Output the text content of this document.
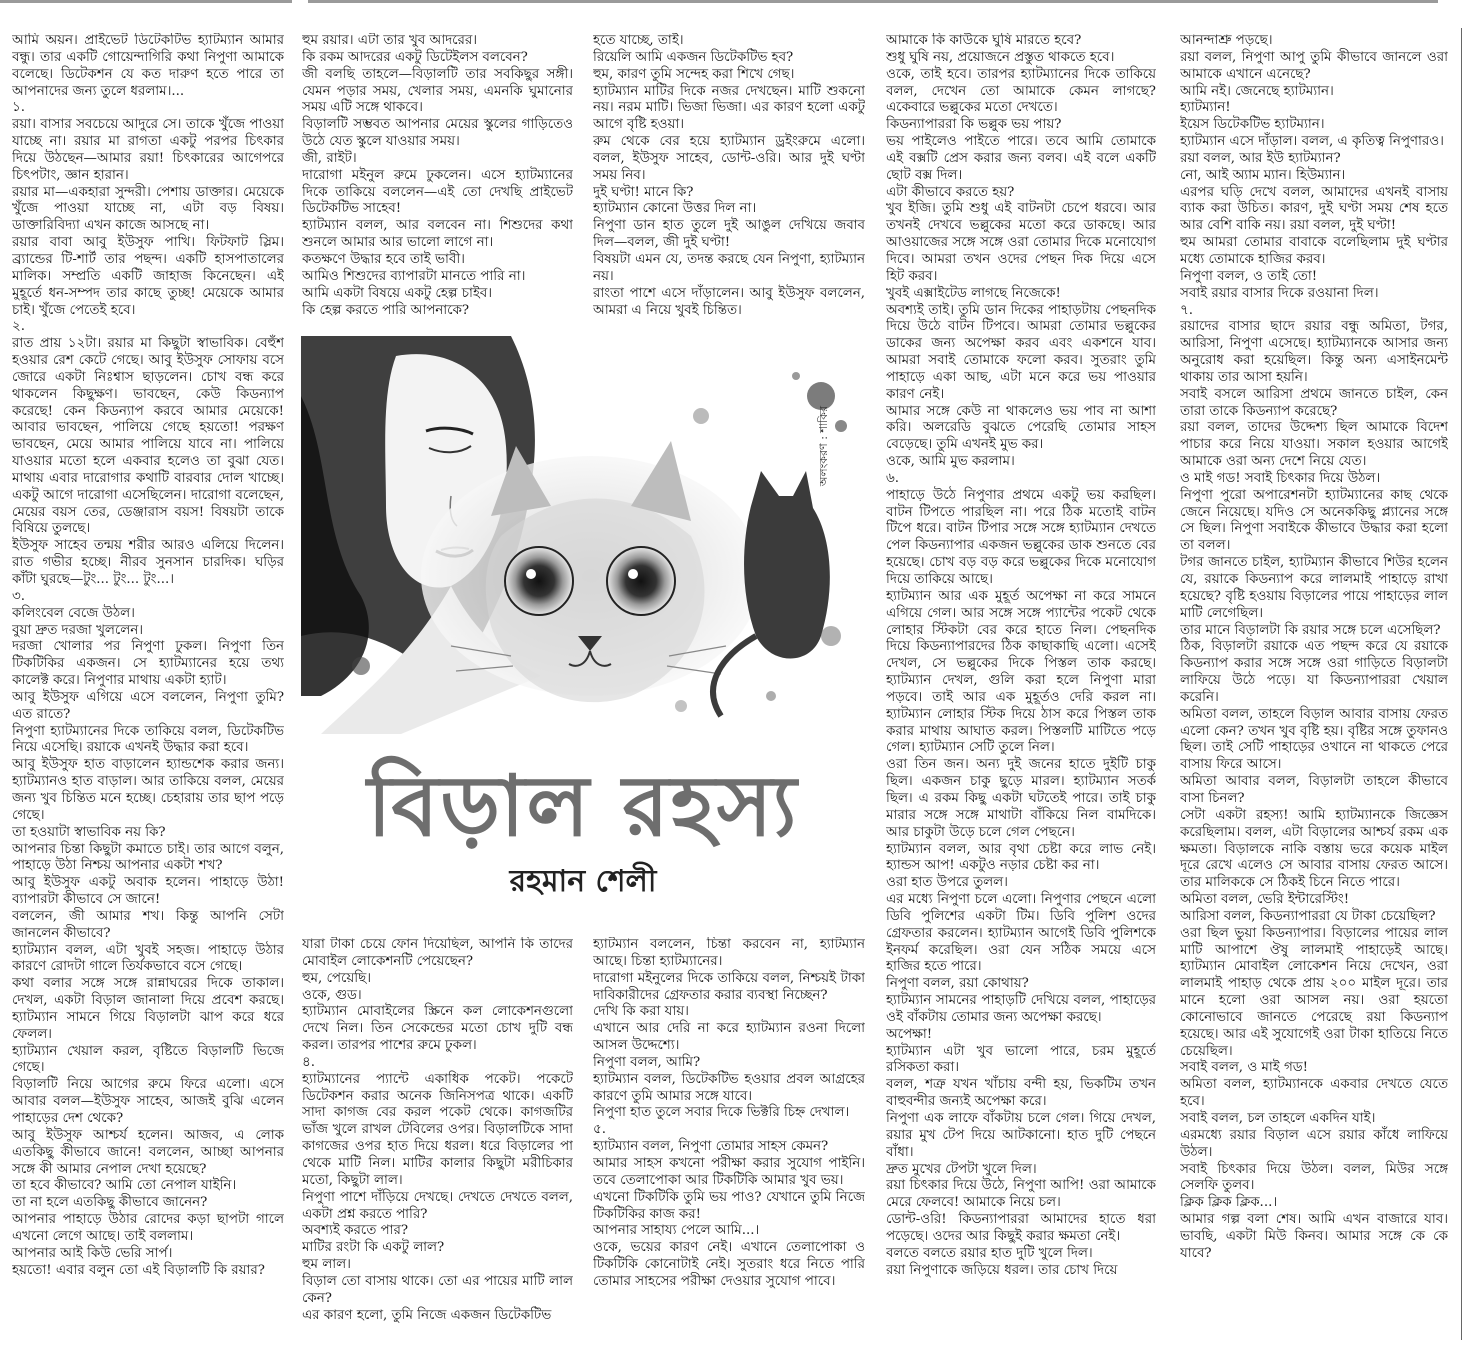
আমি অয়ন। প্রাইভেট ডিটেকটিভ হ্যাটম্যান আমার বন্ধু। তার একটি গোয়েন্দাগিরি কথা নিপুণা আমাকে বলেছে। ডিটেকশন যে কত দারুণ হতে পারে তা আপনাদের জন্য তুলে ধরলাম।...

১.

রয়া। বাসার সবচেয়ে আদুরে সে। তাকে খুঁজে পাওয়া যাচ্ছে না। রয়ার মা রাগতা একটু পরপর চিৎকার দিয়ে উঠছেন—আমার রয়া! চিৎকারের আগেপরে চিৎপটাং, জ্ঞান হারান।

রয়ার মা—একহারা সুন্দরী। পেশায় ডাক্তার। মেয়েকে খুঁজে পাওয়া যাচ্ছে না, এটা বড় বিষয়। ডাক্তারিবিদ্যা এখন কাজে আসছে না।

রয়ার বাবা আবু ইউসুফ পাখি। ফিটফাট স্লিম। ব্র্যান্ডের টি-শার্ট তার পছন্দ। একটি হাসপাতালের মালিক। সম্প্রতি একটি জাহাজ কিনেছেন। এই মুহূর্তে ধন-সম্পদ তার কাছে তুচ্ছ! মেয়েকে আমার চাই। খুঁজে পেতেই হবে।

২.

রাত প্রায় ১২টা। রয়ার মা কিছুটা স্বাভাবিক। বেহুঁশ হওয়ার রেশ কেটে গেছে। আবু ইউসুফ সোফায় বসে জোরে একটা নিঃশ্বাস ছাড়লেন। চোখ বন্ধ করে থাকলেন কিছুক্ষণ। ভাবছেন, কেউ কিডন্যাপ করেছে! কেন কিডন্যাপ করবে আমার মেয়েকে! আবার ভাবছেন, পালিয়ে গেছে হয়তো! পরক্ষণ ভাবছেন, মেয়ে আমার পালিয়ে যাবে না। পালিয়ে যাওয়ার মতো হলে একবার হলেও তা বুঝা যেত। মাথায় এবার দারোগার কথাটি বারবার দোল খাচ্ছে। একটু আগে দারোগা এসেছিলেন। দারোগা বলেছেন, মেয়ের বয়স তের, ডেঞ্জারাস বয়স! বিষয়টা তাকে বিষিয়ে তুলছে।

ইউসুফ সাহেব তন্ময় শরীর আরও এলিয়ে দিলেন। রাত গভীর হচ্ছে। নীরব সুনসান চারদিক। ঘড়ির কাঁটা ঘুরছে—টুং... টুং... টুং...।

৩.

কলিংবেল বেজে উঠল।

বুয়া দ্রুত দরজা খুললেন।

দরজা খোলার পর নিপুণা ঢুকল। নিপুণা তিন টিকটিকির একজন। সে হ্যাটম্যানের হয়ে তথ্য কালেক্ট করে। নিপুণার মাথায় একটা হ্যাট।

আবু ইউসুফ এগিয়ে এসে বললেন, নিপুণা তুমি? এত রাতে?

নিপুণা হ্যাটম্যানের দিকে তাকিয়ে বলল, ডিটেকটিভ নিয়ে এসেছি। রয়াকে এখনই উদ্ধার করা হবে।

আবু ইউসুফ হাত বাড়ালেন হ্যান্ডশেক করার জন্য। হ্যাটম্যানও হাত বাড়াল। আর তাকিয়ে বলল, মেয়ের জন্য খুব চিন্তিত মনে হচ্ছে। চেহারায় তার ছাপ পড়ে গেছে।

তা হওয়াটা স্বাভাবিক নয় কি?

আপনার চিন্তা কিছুটা কমাতে চাই। তার আগে বলুন, পাহাড়ে উঠা নিশ্চয় আপনার একটা শখ?

আবু ইউসুফ একটু অবাক হলেন। পাহাড়ে উঠা! ব্যাপারটা কীভাবে সে জানে!

বললেন, জী আমার শখ। কিন্তু আপনি সেটা জানলেন কীভাবে?

হ্যাটম্যান বলল, এটা খুবই সহজ। পাহাড়ে উঠার কারণে রোদটা গালে তির্যকভাবে বসে গেছে।

কথা বলার সঙ্গে সঙ্গে রান্নাঘরের দিকে তাকাল। দেখল, একটা বিড়াল জানালা দিয়ে প্রবেশ করছে। হ্যাটম্যান সামনে গিয়ে বিড়ালটা ঝাপ করে ধরে ফেলল।

হ্যাটম্যান খেয়াল করল, বৃষ্টিতে বিড়ালটি ভিজে গেছে।

বিড়ালটি নিয়ে আগের রুমে ফিরে এলো। এসে আবার বলল—ইউসুফ সাহেব, আজই বুঝি এলেন পাহাড়ের দেশ থেকে?

আবু ইউসুফ আশ্চর্য হলেন। আজব, এ লোক এতকিছু কীভাবে জানে! বললেন, আচ্ছা আপনার সঙ্গে কী আমার নেপাল দেখা হয়েছে?

তা হবে কীভাবে? আমি তো নেপাল যাইনি।

তা না হলে এতকিছু কীভাবে জানেন?

আপনার পাহাড়ে উঠার রোদের কড়া ছাপটা গালে এখনো লেগে আছে। তাই বললাম।

আপনার আই কিউ ভেরি সার্প।

হয়তো! এবার বলুন তো এই বিড়ালটি কি রয়ার?

হুম রয়ার। এটা তার খুব আদরের।

কি রকম আদরের একটু ডিটেইলস বলবেন?

জী বলছি তাহলে—বিড়ালটি তার সবকিছুর সঙ্গী। যেমন পড়ার সময়, খেলার সময়, এমনকি ঘুমানোর সময় এটি সঙ্গে থাকবে।

বিড়ালটি সম্ভবত আপনার মেয়ের স্কুলের গাড়িতেও উঠে যেত স্কুলে যাওয়ার সময়।

জী, রাইট।

দারোগা মইনুল রুমে ঢুকলেন। এসে হ্যাটম্যানের দিকে তাকিয়ে বললেন—এই তো দেখছি প্রাইভেট ডিটেকটিভ সাহেব!

হ্যাটম্যান বলল, আর বলবেন না। শিশুদের কথা শুনলে আমার আর ভালো লাগে না।

কতক্ষণে উদ্ধার হবে তাই ভাবী।

আমিও শিশুদের ব্যাপারটা মানতে পারি না।

আমি একটা বিষয়ে একটু হেল্প চাইব।

কি হেল্প করতে পারি আপনাকে?

হতে যাচ্ছে, তাই।

রিয়েলি আমি একজন ডিটেকটিভ হব?

হুম, কারণ তুমি সন্দেহ করা শিখে গেছ।

হ্যাটম্যান মাটির দিকে নজর দেখছেন। মাটি শুকনো নয়। নরম মাটি। ভিজা ভিজা। এর কারণ হলো একটু আগে বৃষ্টি হওয়া।

রুম থেকে বের হয়ে হ্যাটম্যান ড্রইংরুমে এলো। বলল, ইউসুফ সাহেব, ডোন্ট-ওরি। আর দুই ঘণ্টা সময় নিব।

দুই ঘণ্টা! মানে কি?

হ্যাটম্যান কোনো উত্তর দিল না।

নিপুণা ডান হাত তুলে দুই আঙুল দেখিয়ে জবাব দিল—বলল, জী দুই ঘণ্টা!

বিষয়টা এমন যে, তদন্ত করছে যেন নিপুণা, হ্যাটম্যান নয়।

রাংতা পাশে এসে দাঁড়ালেন। আবু ইউসুফ বললেন, আমরা এ নিয়ে খুবই চিন্তিত।

অলংকরণ : শাকির
বিড়াল রহস্য
রহমান শেলী

যারা টাকা চেয়ে ফোন দিয়েছিল, আপনি কি তাদের মোবাইল লোকেশনটি পেয়েছেন?

হুম, পেয়েছি।

ওকে, গুড।

হ্যাটম্যান মোবাইলের স্ক্রিনে কল লোকেশনগুলো দেখে নিল। তিন সেকেন্ডের মতো চোখ দুটি বন্ধ করল। তারপর পাশের রুমে ঢুকল।

৪.

হ্যাটম্যানের প্যান্টে একাধিক পকেট। পকেটে ডিটেকশন করার অনেক জিনিসপত্র থাকে। একটি সাদা কাগজ বের করল পকেট থেকে। কাগজটির ভাঁজ খুলে রাখল টেবিলের ওপর। বিড়ালটিকে সাদা কাগজের ওপর হাত দিয়ে ধরল। ধরে বিড়ালের পা থেকে মাটি নিল। মাটির কালার কিছুটা মরীচিকার মতো, কিছুটা লাল।

নিপুণা পাশে দাঁড়িয়ে দেখছে। দেখতে দেখতে বলল, একটা প্রশ্ন করতে পারি?

অবশ্যই করতে পার?

মাটির রংটা কি একটু লাল?

হুম লাল।

বিড়াল তো বাসায় থাকে। তো এর পায়ের মাটি লাল কেন?

এর কারণ হলো, তুমি নিজে একজন ডিটেকটিভ

হ্যাটম্যান বললেন, চিন্তা করবেন না, হ্যাটম্যান আছে। চিন্তা হ্যাটম্যানের।

দারোগা মইনুলের দিকে তাকিয়ে বলল, নিশ্চয়ই টাকা দাবিকারীদের গ্রেফতার করার ব্যবস্থা নিচ্ছেন?

দেখি কি করা যায়।

এখানে আর দেরি না করে হ্যাটম্যান রওনা দিলো আসল উদ্দেশ্যে।

নিপুণা বলল, আমি?

হ্যাটম্যান বলল, ডিটেকটিভ হওয়ার প্রবল আগ্রহের কারণে তুমি আমার সঙ্গে যাবে।

নিপুণা হাত তুলে সবার দিকে ভিক্টরি চিহ্ন দেখাল।

৫.

হ্যাটম্যান বলল, নিপুণা তোমার সাহস কেমন?

আমার সাহস কখনো পরীক্ষা করার সুযোগ পাইনি। তবে তেলাপোকা আর টিকটিকি আমার খুব ভয়।

এখনো টিকটিকি তুমি ভয় পাও? যেখানে তুমি নিজে টিকটিকির কাজ কর!

আপনার সাহায্য পেলে আমি...।

ওকে, ভয়ের কারণ নেই। এখানে তেলাপোকা ও টিকটিকি কোনোটাই নেই। সুতরাং ধরে নিতে পারি তোমার সাহসের পরীক্ষা দেওয়ার সুযোগ পাবে।

আমাকে কি কাউকে ঘুষি মারতে হবে?

শুধু ঘুষি নয়, প্রয়োজনে প্রস্তুত থাকতে হবে।

ওকে, তাই হবে। তারপর হ্যাটম্যানের দিকে তাকিয়ে বলল, দেখেন তো আমাকে কেমন লাগছে? একেবারে ভল্লুকের মতো দেখতে।

কিডন্যাপাররা কি ভল্লুক ভয় পায়?

ভয় পাইলেও পাইতে পারে। তবে আমি তোমাকে এই বক্সটি প্রেস করার জন্য বলব। এই বলে একটি ছোট বক্স দিল।

এটা কীভাবে করতে হয়?

খুব ইজি। তুমি শুধু এই বাটনটা চেপে ধরবে। আর তখনই দেখবে ভল্লুকের মতো করে ডাকছে। আর আওয়াজের সঙ্গে সঙ্গে ওরা তোমার দিকে মনোযোগ দিবে। আমরা তখন ওদের পেছন দিক দিয়ে এসে হিট করব।

খুবই এক্সাইটেড লাগছে নিজেকে!

অবশ্যই তাই। তুমি ডান দিকের পাহাড়টায় পেছনদিক দিয়ে উঠে বাটন টিপবে। আমরা তোমার ভল্লুকের ডাকের জন্য অপেক্ষা করব এবং একশনে যাব। আমরা সবাই তোমাকে ফলো করব। সুতরাং তুমি পাহাড়ে একা আছ, এটা মনে করে ভয় পাওয়ার কারণ নেই।

আমার সঙ্গে কেউ না থাকলেও ভয় পাব না আশা করি। অলরেডি বুঝতে পেরেছি তোমার সাহস বেড়েছে। তুমি এখনই মুভ কর।

ওকে, আমি মুভ করলাম।

৬.

পাহাড়ে উঠে নিপুণার প্রথমে একটু ভয় করছিল। বাটন টিপতে পারছিল না। পরে ঠিক মতোই বাটন টিপে ধরে। বাটন টিপার সঙ্গে সঙ্গে হ্যাটম্যান দেখতে পেল কিডন্যাপার একজন ভল্লুকের ডাক শুনতে বের হয়েছে। চোখ বড় বড় করে ভল্লুকের দিকে মনোযোগ দিয়ে তাকিয়ে আছে।

হ্যাটম্যান আর এক মুহূর্ত অপেক্ষা না করে সামনে এগিয়ে গেল। আর সঙ্গে সঙ্গে প্যান্টের পকেট থেকে লোহার স্টিকটা বের করে হাতে নিল। পেছনদিক দিয়ে কিডন্যাপারদের ঠিক কাছাকাছি এলো। এসেই দেখল, সে ভল্লুকের দিকে পিস্তল তাক করছে। হ্যাটম্যান দেখল, গুলি করা হলে নিপুণা মারা পড়বে। তাই আর এক মুহূর্তও দেরি করল না। হ্যাটম্যান লোহার স্টিক দিয়ে ঠাস করে পিস্তল তাক করার মাথায় আঘাত করল। পিস্তলটি মাটিতে পড়ে গেল। হ্যাটম্যান সেটি তুলে নিল।

ওরা তিন জন। অন্য দুই জনের হাতে দুইটি চাকু ছিল। একজন চাকু ছুড়ে মারল। হ্যাটম্যান সতর্ক ছিল। এ রকম কিছু একটা ঘটতেই পারে। তাই চাকু মারার সঙ্গে সঙ্গে মাথাটা বাঁকিয়ে নিল বামদিকে। আর চাকুটা উড়ে চলে গেল পেছনে।

হ্যাটম্যান বলল, আর বৃথা চেষ্টা করে লাভ নেই। হ্যান্ডস আপ! একটুও নড়ার চেষ্টা কর না।

ওরা হাত উপরে তুলল।

এর মধ্যে নিপুণা চলে এলো। নিপুণার পেছনে এলো ডিবি পুলিশের একটা টিম। ডিবি পুলিশ ওদের গ্রেফতার করলেন। হ্যাটম্যান আগেই ডিবি পুলিশকে ইনফর্ম করেছিল। ওরা যেন সঠিক সময়ে এসে হাজির হতে পারে।

নিপুণা বলল, রয়া কোথায়?

হ্যাটম্যান সামনের পাহাড়টি দেখিয়ে বলল, পাহাড়ের ওই বাঁকটায় তোমার জন্য অপেক্ষা করছে।

অপেক্ষা!

হ্যাটম্যান এটা খুব ভালো পারে, চরম মুহূর্তে রসিকতা করা।

বলল, শত্রু যখন খাঁচায় বন্দী হয়, ভিকটিম তখন বাহুবন্দীর জন্যই অপেক্ষা করে।

নিপুণা এক লাফে বাঁকটায় চলে গেল। গিয়ে দেখল, রয়ার মুখ টেপ দিয়ে আটকানো। হাত দুটি পেছনে বাঁধা।

দ্রুত মুখের টেপটা খুলে দিল।

রয়া চিৎকার দিয়ে উঠে, নিপুণা আপি! ওরা আমাকে মেরে ফেলবে! আমাকে নিয়ে চল।

ডোন্ট-ওরি! কিডন্যাপাররা আমাদের হাতে ধরা পড়েছে। ওদের আর কিছুই করার ক্ষমতা নেই।

বলতে বলতে রয়ার হাত দুটি খুলে দিল।

রয়া নিপুণাকে জড়িয়ে ধরল। তার চোখ দিয়ে

আনন্দাশ্রু পড়ছে।

রয়া বলল, নিপুণা আপু তুমি কীভাবে জানলে ওরা আমাকে এখানে এনেছে?

আমি নই। জেনেছে হ্যাটম্যান।

হ্যাটম্যান!

ইয়েস ডিটেকটিভ হ্যাটম্যান।

হ্যাটম্যান এসে দাঁড়াল। বলল, এ কৃতিত্ব নিপুণারও।

রয়া বলল, আর ইউ হ্যাটম্যান?

নো, আই অ্যাম ম্যান। হিউম্যান।

এরপর ঘড়ি দেখে বলল, আমাদের এখনই বাসায় ব্যাক করা উচিত। কারণ, দুই ঘণ্টা সময় শেষ হতে আর বেশি বাকি নয়। রয়া বলল, দুই ঘণ্টা!

হুম আমরা তোমার বাবাকে বলেছিলাম দুই ঘণ্টার মধ্যে তোমাকে হাজির করব।

নিপুণা বলল, ও তাই তো!

সবাই রয়ার বাসার দিকে রওয়ানা দিল।

৭.

রয়াদের বাসার ছাদে রয়ার বন্ধু অমিতা, টগর, আরিসা, নিপুণা এসেছে। হ্যাটম্যানকে আসার জন্য অনুরোধ করা হয়েছিল। কিন্তু অন্য এসাইনমেন্ট থাকায় তার আসা হয়নি।

সবাই বসলে আরিসা প্রথমে জানতে চাইল, কেন তারা তাকে কিডন্যাপ করেছে?

রয়া বলল, তাদের উদ্দেশ্য ছিল আমাকে বিদেশ পাচার করে নিয়ে যাওয়া। সকাল হওয়ার আগেই আমাকে ওরা অন্য দেশে নিয়ে যেত।

ও মাই গড! সবাই চিৎকার দিয়ে উঠল।

নিপুণা পুরো অপারেশনটা হ্যাটম্যানের কাছ থেকে জেনে নিয়েছে। যদিও সে অনেককিছু প্ল্যানের সঙ্গে সে ছিল। নিপুণা সবাইকে কীভাবে উদ্ধার করা হলো তা বলল।

টগর জানতে চাইল, হ্যাটম্যান কীভাবে শিউর হলেন যে, রয়াকে কিডন্যাপ করে লালমাই পাহাড়ে রাখা হয়েছে? বৃষ্টি হওয়ায় বিড়ালের পায়ে পাহাড়ের লাল মাটি লেগেছিল।

তার মানে বিড়ালটা কি রয়ার সঙ্গে চলে এসেছিল?

ঠিক, বিড়ালটা রয়াকে এত পছন্দ করে যে রয়াকে কিডন্যাপ করার সঙ্গে সঙ্গে ওরা গাড়িতে বিড়ালটা লাফিয়ে উঠে পড়ে। যা কিডন্যাপাররা খেয়াল করেনি।

অমিতা বলল, তাহলে বিড়াল আবার বাসায় ফেরত এলো কেন? তখন খুব বৃষ্টি হয়। বৃষ্টির সঙ্গে তুফানও ছিল। তাই সেটি পাহাড়ের ওখানে না থাকতে পেরে বাসায় ফিরে আসে।

অমিতা আবার বলল, বিড়ালটা তাহলে কীভাবে বাসা চিনল?

সেটা একটা রহস্য! আমি হ্যাটম্যানকে জিজ্ঞেস করেছিলাম। বলল, এটা বিড়ালের আশ্চর্য রকম এক ক্ষমতা। বিড়ালকে নাকি বস্তায় ভরে কয়েক মাইল দূরে রেখে এলেও সে আবার বাসায় ফেরত আসে। তার মালিককে সে ঠিকই চিনে নিতে পারে।

অমিতা বলল, ভেরি ইন্টারেস্টিং!

আরিসা বলল, কিডন্যাপাররা যে টাকা চেয়েছিল?

ওরা ছিল ভুয়া কিডন্যাপার। বিড়ালের পায়ের লাল মাটি আপাশে ঔষু লালমাই পাহাড়েই আছে। হ্যাটম্যান মোবাইল লোকেশন নিয়ে দেখেন, ওরা লালমাই পাহাড় থেকে প্রায় ২০০ মাইল দূরে। তার মানে হলো ওরা আসল নয়। ওরা হয়তো কোনোভাবে জানতে পেরেছে রয়া কিডন্যাপ হয়েছে। আর এই সুযোগেই ওরা টাকা হাতিয়ে নিতে চেয়েছিল।

সবাই বলল, ও মাই গড!

অমিতা বলল, হ্যাটম্যানকে একবার দেখতে যেতে হবে।

সবাই বলল, চল তাহলে একদিন যাই।

এরমধ্যে রয়ার বিড়াল এসে রয়ার কাঁধে লাফিয়ে উঠল।

সবাই চিৎকার দিয়ে উঠল। বলল, মিউর সঙ্গে সেলফি তুলব।

ক্লিক ক্লিক ক্লিক...।

আমার গল্প বলা শেষ। আমি এখন বাজারে যাব। ভাবছি, একটা মিউ কিনব। আমার সঙ্গে কে কে যাবে?
